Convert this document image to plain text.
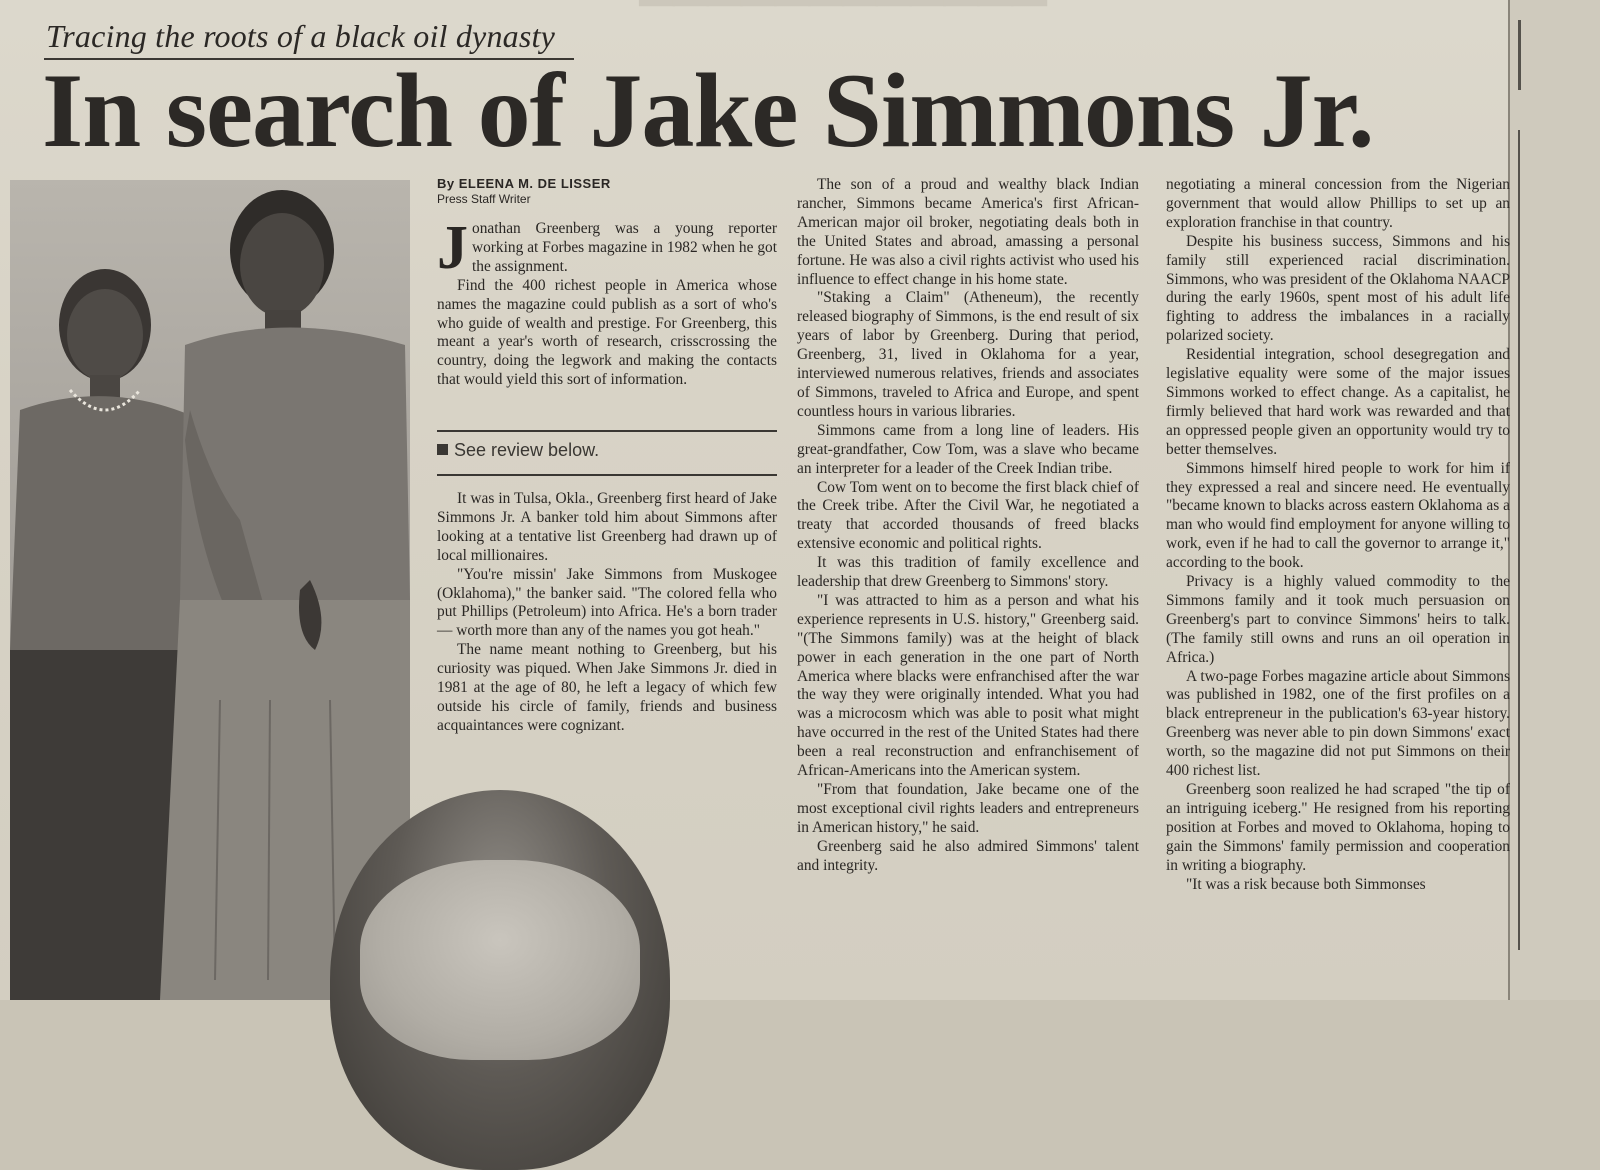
▔▔▔▔▔▔▔▔▔▔▔▔
Tracing the roots of a black oil dynasty
In search of Jake Simmons Jr.
By ELEENA M. DE LISSER
Press Staff Writer

Jonathan Greenberg was a young reporter working at Forbes magazine in 1982 when he got the assignment.

Find the 400 richest people in America whose names the magazine could publish as a sort of who's who guide of wealth and prestige. For Greenberg, this meant a year's worth of research, crisscrossing the country, doing the legwork and making the contacts that would yield this sort of information.

See review below.

It was in Tulsa, Okla., Greenberg first heard of Jake Simmons Jr. A banker told him about Simmons after looking at a tentative list Greenberg had drawn up of local millionaires.

"You're missin' Jake Simmons from Muskogee (Oklahoma)," the banker said. "The colored fella who put Phillips (Petroleum) into Africa. He's a born trader — worth more than any of the names you got heah."

The name meant nothing to Greenberg, but his curiosity was piqued. When Jake Simmons Jr. died in 1981 at the age of 80, he left a legacy of which few outside his circle of family, friends and business acquaintances were cognizant.

The son of a proud and wealthy black Indian rancher, Simmons became America's first African-American major oil broker, negotiating deals both in the United States and abroad, amassing a personal fortune. He was also a civil rights activist who used his influence to effect change in his home state.

"Staking a Claim" (Atheneum), the recently released biography of Simmons, is the end result of six years of labor by Greenberg. During that period, Greenberg, 31, lived in Oklahoma for a year, interviewed numerous relatives, friends and associates of Simmons, traveled to Africa and Europe, and spent countless hours in various libraries.

Simmons came from a long line of leaders. His great-grandfather, Cow Tom, was a slave who became an interpreter for a leader of the Creek Indian tribe.

Cow Tom went on to become the first black chief of the Creek tribe. After the Civil War, he negotiated a treaty that accorded thousands of freed blacks extensive economic and political rights.

It was this tradition of family excellence and leadership that drew Greenberg to Simmons' story.

"I was attracted to him as a person and what his experience represents in U.S. history," Greenberg said. "(The Simmons family) was at the height of black power in each generation in the one part of North America where blacks were enfranchised after the war the way they were originally intended. What you had was a microcosm which was able to posit what might have occurred in the rest of the United States had there been a real reconstruction and enfranchisement of African-Americans into the American system.

"From that foundation, Jake became one of the most exceptional civil rights leaders and entrepreneurs in American history," he said.

Greenberg said he also admired Simmons' talent and integrity.

negotiating a mineral concession from the Nigerian government that would allow Phillips to set up an exploration franchise in that country.

Despite his business success, Simmons and his family still experienced racial discrimination. Simmons, who was president of the Oklahoma NAACP during the early 1960s, spent most of his adult life fighting to address the imbalances in a racially polarized society.

Residential integration, school desegregation and legislative equality were some of the major issues Simmons worked to effect change. As a capitalist, he firmly believed that hard work was rewarded and that an oppressed people given an opportunity would try to better themselves.

Simmons himself hired people to work for him if they expressed a real and sincere need. He eventually "became known to blacks across eastern Oklahoma as a man who would find employment for anyone willing to work, even if he had to call the governor to arrange it," according to the book.

Privacy is a highly valued commodity to the Simmons family and it took much persuasion on Greenberg's part to convince Simmons' heirs to talk. (The family still owns and runs an oil operation in Africa.)

A two-page Forbes magazine article about Simmons was published in 1982, one of the first profiles on a black entrepreneur in the publication's 63-year history. Greenberg was never able to pin down Simmons' exact worth, so the magazine did not put Simmons on their 400 richest list.

Greenberg soon realized he had scraped "the tip of an intriguing iceberg." He resigned from his reporting position at Forbes and moved to Oklahoma, hoping to gain the Simmons' family permission and cooperation in writing a biography.

"It was a risk because both Simmonses
